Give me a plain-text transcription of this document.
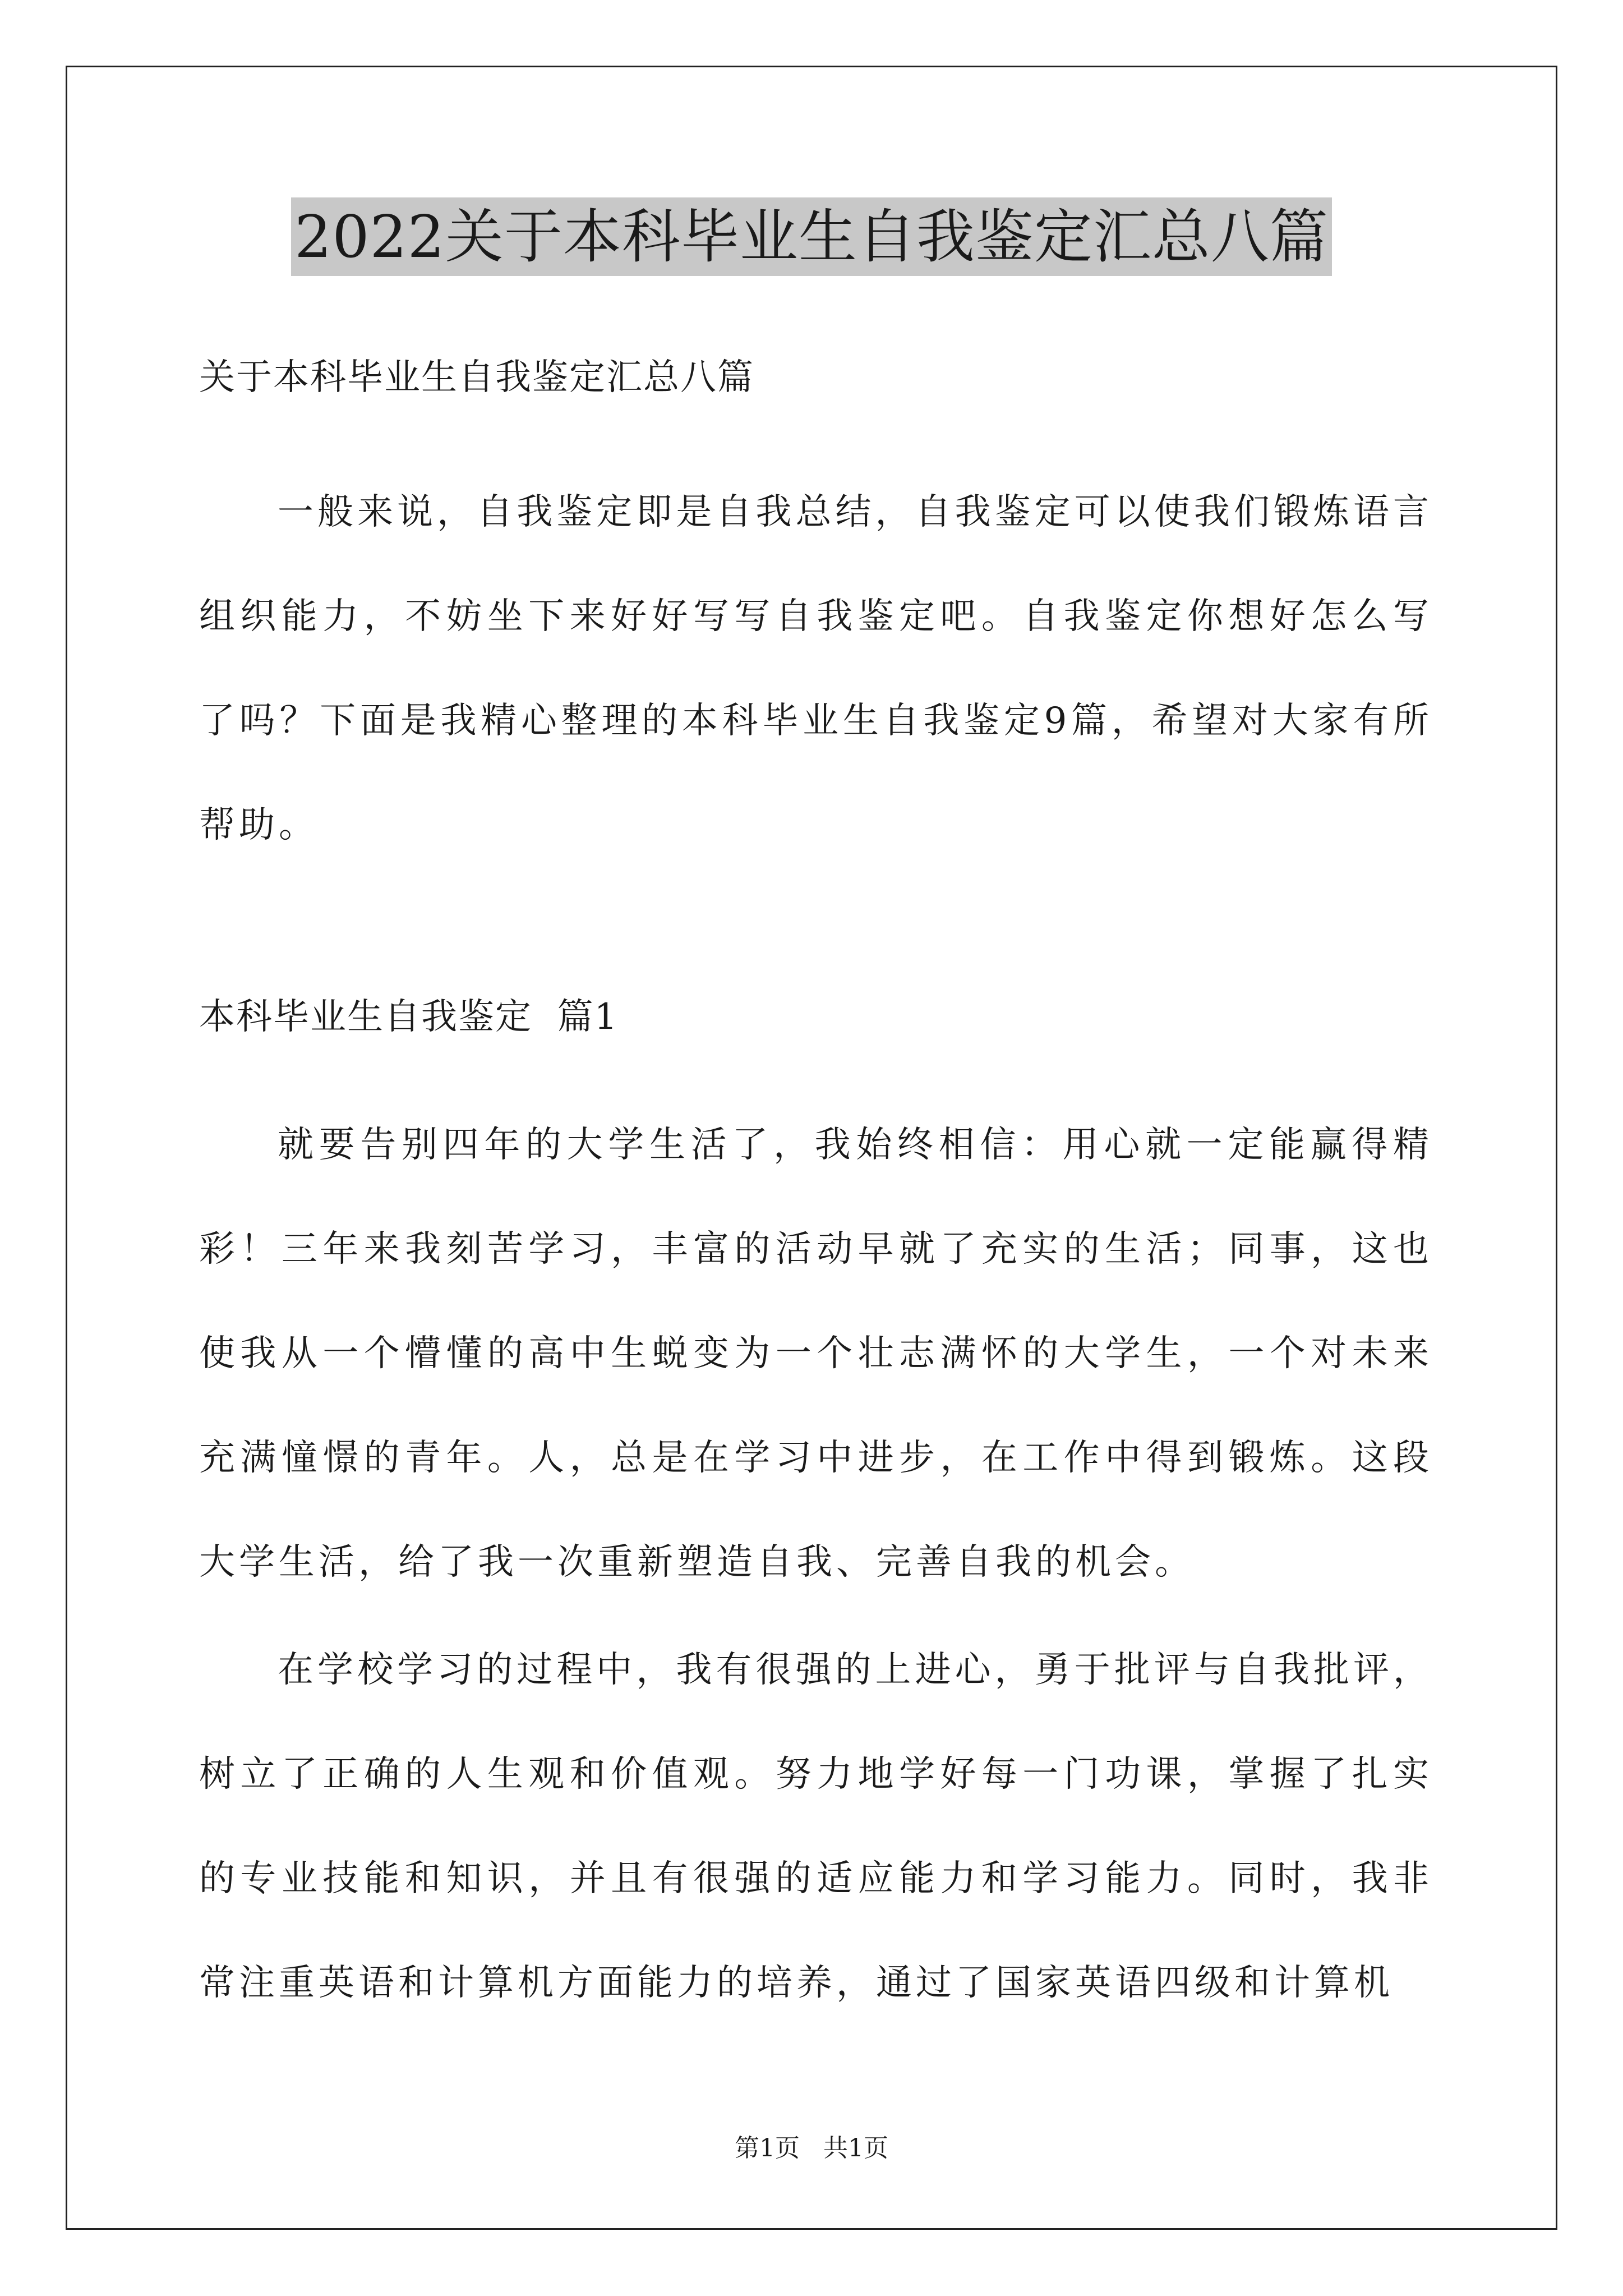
2022关于本科毕业生自我鉴定汇总八篇
关于本科毕业生自我鉴定汇总八篇

一般来说，自我鉴定即是自我总结，自我鉴定可以使我们锻炼语言组织能力，不妨坐下来好好写写自我鉴定吧。自我鉴定你想好怎么写了吗？下面是我精心整理的本科毕业生自我鉴定9篇，希望对大家有所帮助。

本科毕业生自我鉴定  篇1

就要告别四年的大学生活了，我始终相信：用心就一定能赢得精彩！三年来我刻苦学习，丰富的活动早就了充实的生活；同事，这也使我从一个懵懂的高中生蜕变为一个壮志满怀的大学生，一个对未来充满憧憬的青年。人，总是在学习中进步，在工作中得到锻炼。这段大学生活，给了我一次重新塑造自我、完善自我的机会。

在学校学习的过程中，我有很强的上进心，勇于批评与自我批评，树立了正确的人生观和价值观。努力地学好每一门功课，掌握了扎实的专业技能和知识，并且有很强的适应能力和学习能力。同时，我非常注重英语和计算机方面能力的培养，通过了国家英语四级和计算机

第1页   共1页
